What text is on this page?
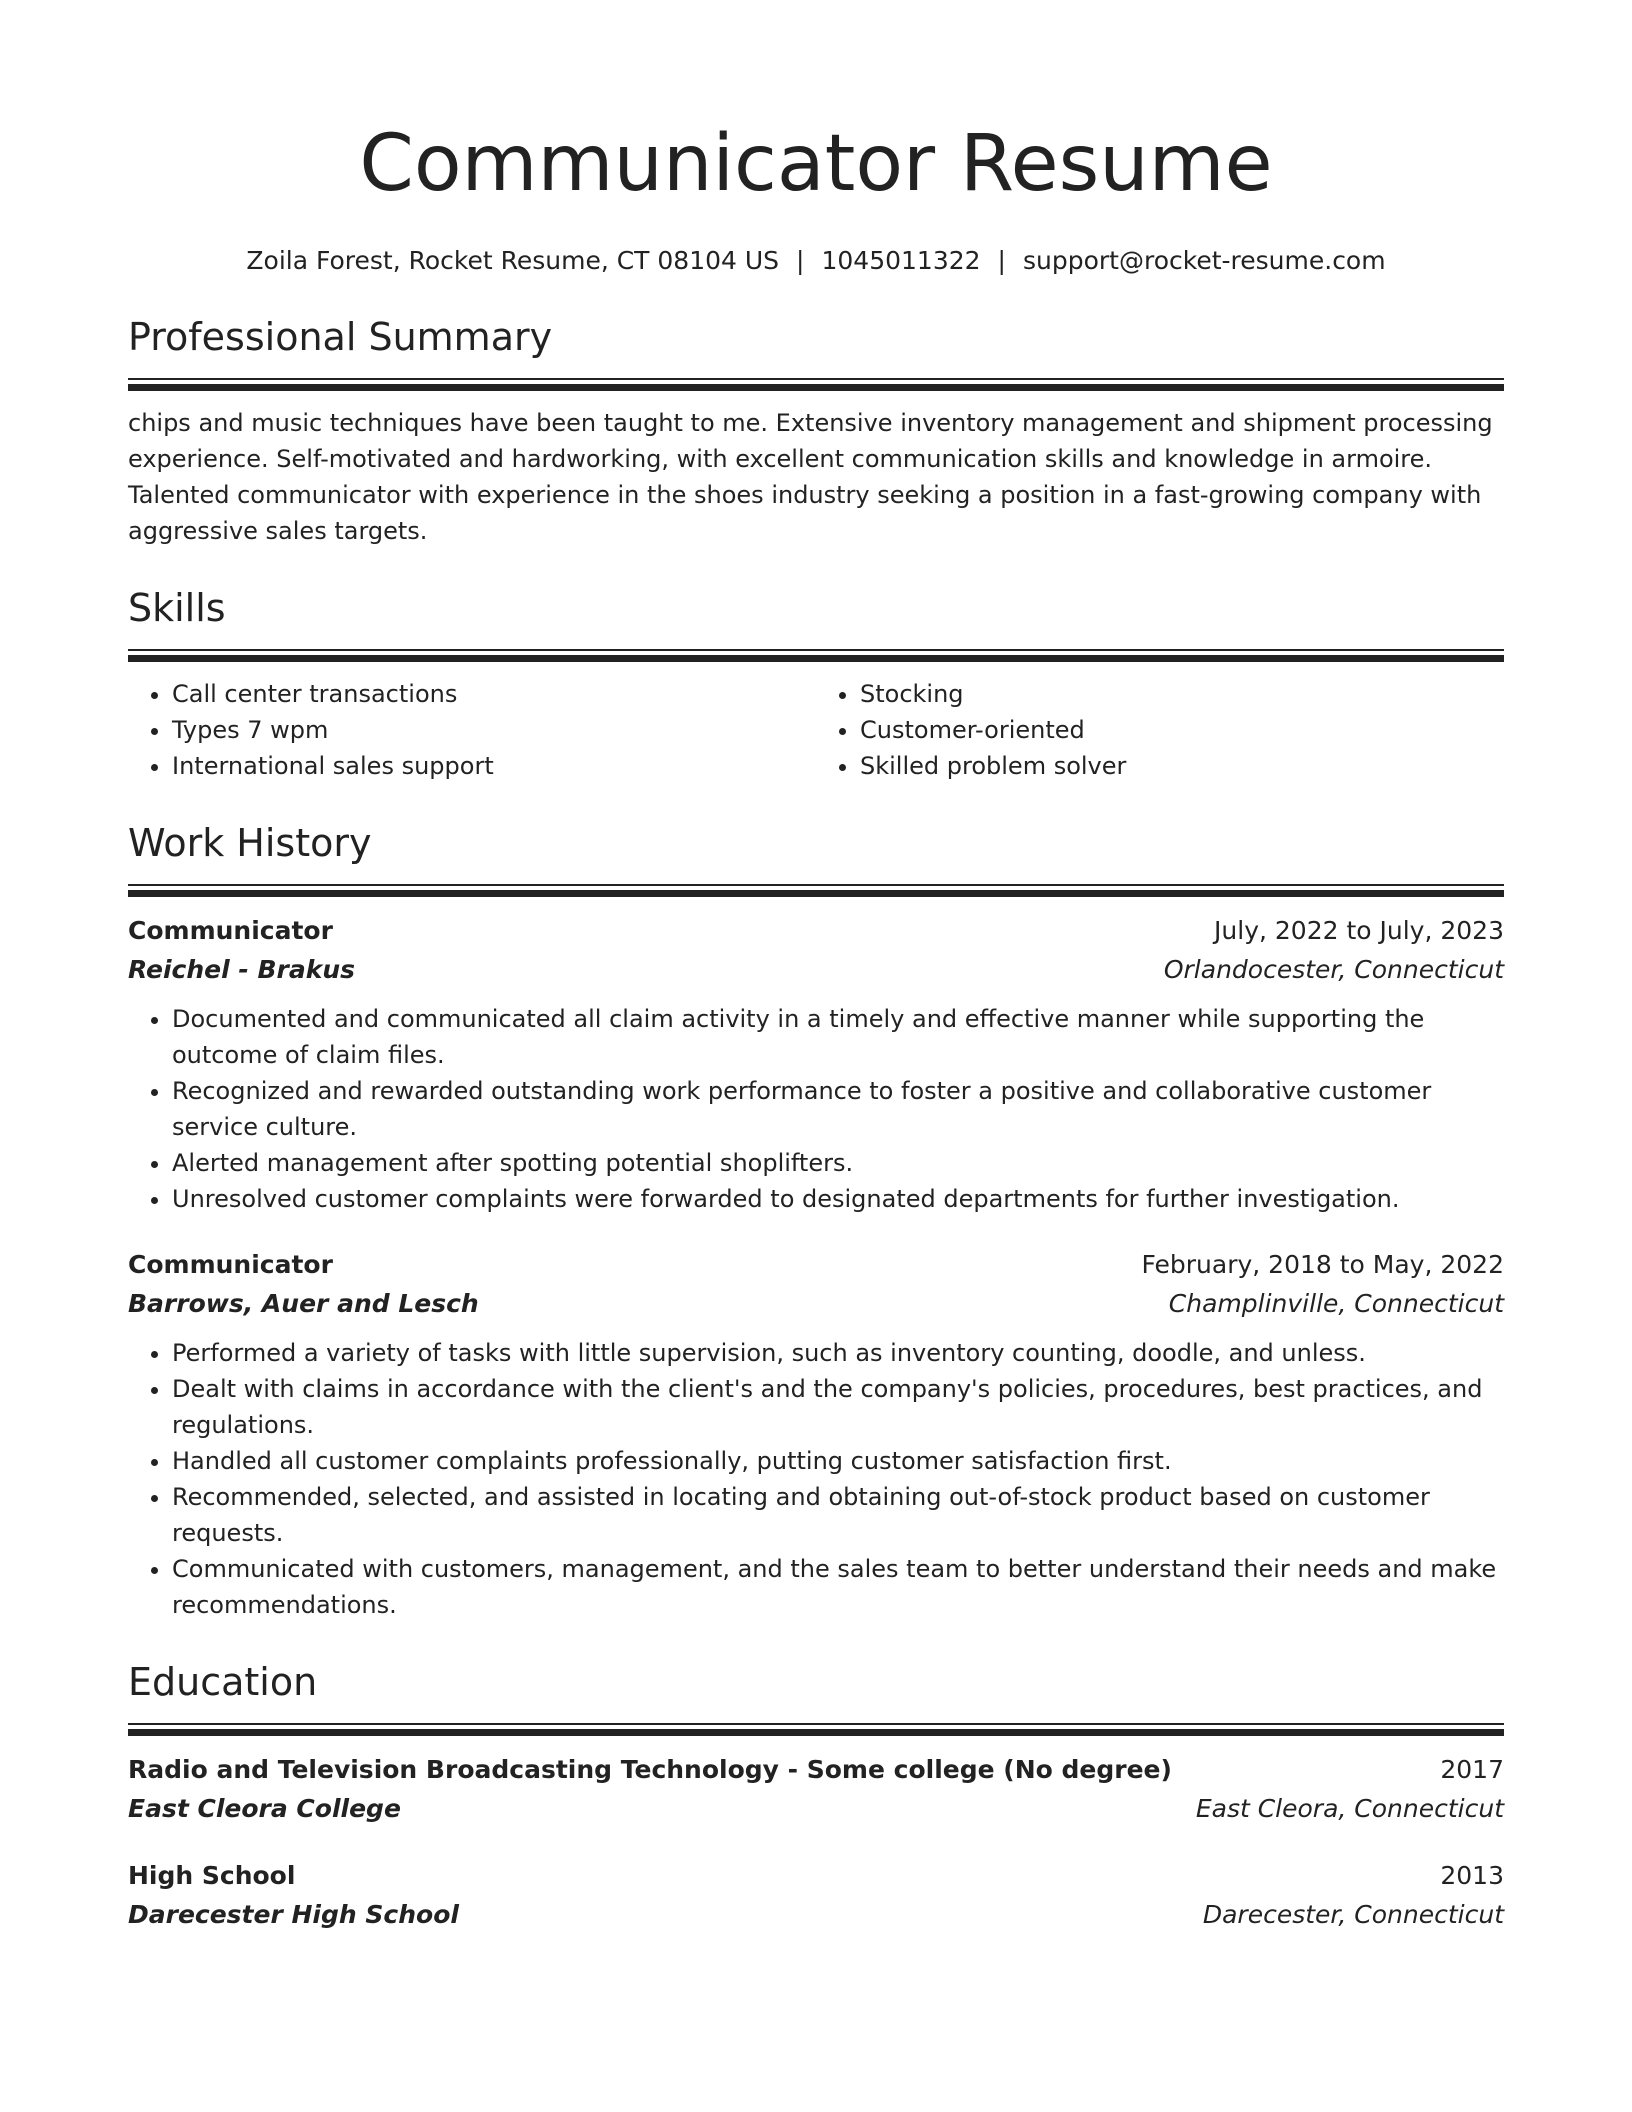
Communicator Resume
Zoila Forest, Rocket Resume, CT 08104 US | 1045011322 | support@rocket-resume.com
Professional Summary
chips and music techniques have been taught to me. Extensive inventory management and shipment processing experience. Self-motivated and hardworking, with excellent communication skills and knowledge in armoire. Talented communicator with experience in the shoes industry seeking a position in a fast-growing company with aggressive sales targets.
Skills
• Call center transactions
• Types 7 wpm
• International sales support
• Stocking
• Customer-oriented
• Skilled problem solver
Work History
Communicator	July, 2022 to July, 2023
Reichel - Brakus	Orlandocester, Connecticut
• Documented and communicated all claim activity in a timely and effective manner while supporting the outcome of claim files.
• Recognized and rewarded outstanding work performance to foster a positive and collaborative customer service culture.
• Alerted management after spotting potential shoplifters.
• Unresolved customer complaints were forwarded to designated departments for further investigation.
Communicator	February, 2018 to May, 2022
Barrows, Auer and Lesch	Champlinville, Connecticut
• Performed a variety of tasks with little supervision, such as inventory counting, doodle, and unless.
• Dealt with claims in accordance with the client's and the company's policies, procedures, best practices, and regulations.
• Handled all customer complaints professionally, putting customer satisfaction first.
• Recommended, selected, and assisted in locating and obtaining out-of-stock product based on customer requests.
• Communicated with customers, management, and the sales team to better understand their needs and make recommendations.
Education
Radio and Television Broadcasting Technology - Some college (No degree)	2017
East Cleora College	East Cleora, Connecticut
High School	2013
Darecester High School	Darecester, Connecticut
